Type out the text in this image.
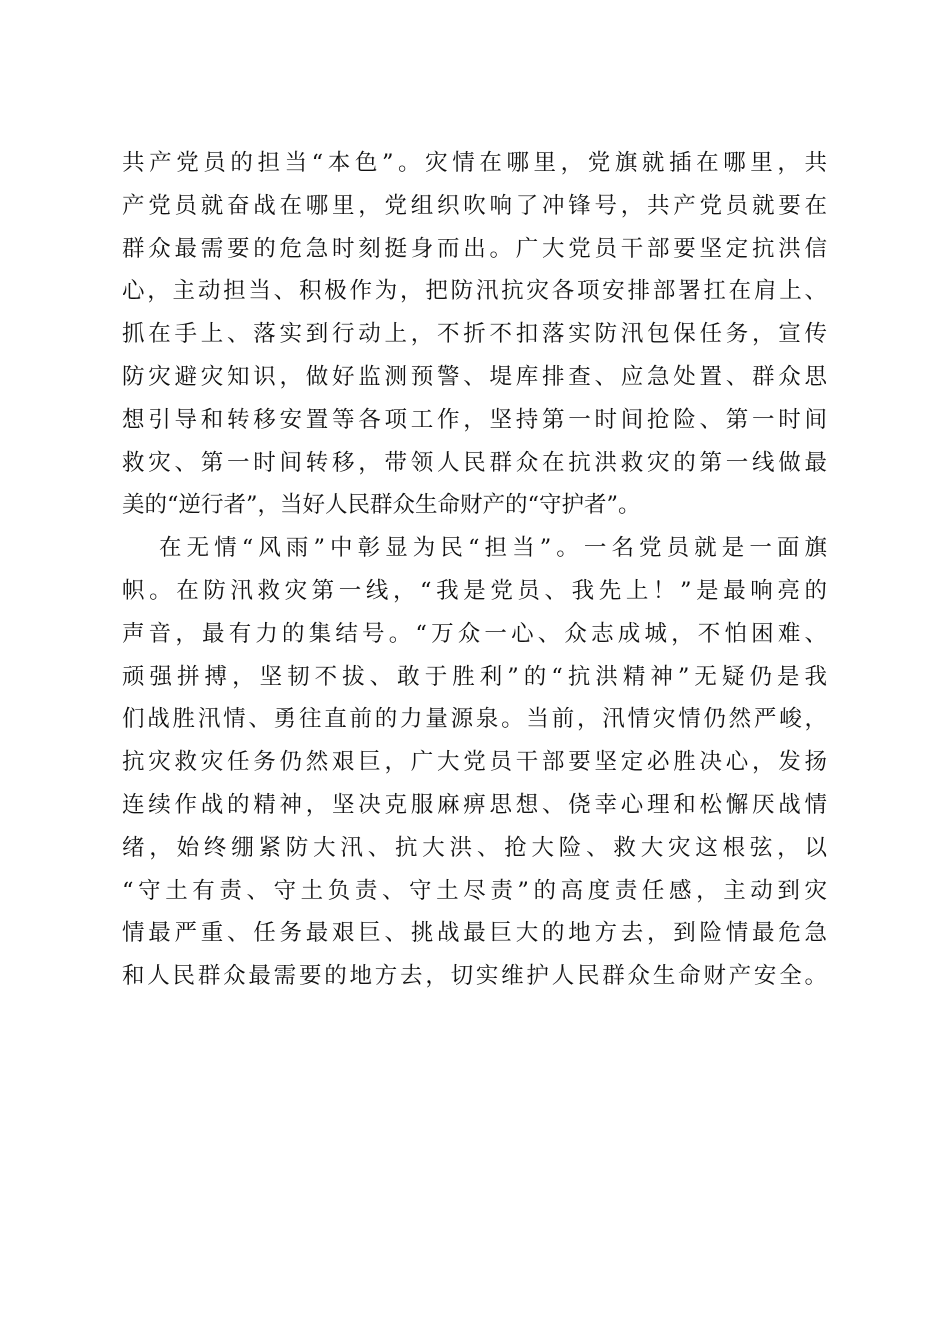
共产党员的担当“本色”。灾情在哪里，党旗就插在哪里，共
产党员就奋战在哪里，党组织吹响了冲锋号，共产党员就要在
群众最需要的危急时刻挺身而出。广大党员干部要坚定抗洪信
心，主动担当、积极作为，把防汛抗灾各项安排部署扛在肩上、
抓在手上、落实到行动上，不折不扣落实防汛包保任务，宣传
防灾避灾知识，做好监测预警、堤库排查、应急处置、群众思
想引导和转移安置等各项工作，坚持第一时间抢险、第一时间
救灾、第一时间转移，带领人民群众在抗洪救灾的第一线做最
美的“逆行者”，当好人民群众生命财产的“守护者”。
在无情“风雨”中彰显为民“担当”。一名党员就是一面旗
帜。在防汛救灾第一线，“我是党员、我先上！”是最响亮的
声音，最有力的集结号。“万众一心、众志成城，不怕困难、
顽强拼搏，坚韧不拔、敢于胜利”的“抗洪精神”无疑仍是我
们战胜汛情、勇往直前的力量源泉。当前，汛情灾情仍然严峻，
抗灾救灾任务仍然艰巨，广大党员干部要坚定必胜决心，发扬
连续作战的精神，坚决克服麻痹思想、侥幸心理和松懈厌战情
绪，始终绷紧防大汛、抗大洪、抢大险、救大灾这根弦，以
“守土有责、守土负责、守土尽责”的高度责任感，主动到灾
情最严重、任务最艰巨、挑战最巨大的地方去，到险情最危急
和人民群众最需要的地方去，切实维护人民群众生命财产安全。
